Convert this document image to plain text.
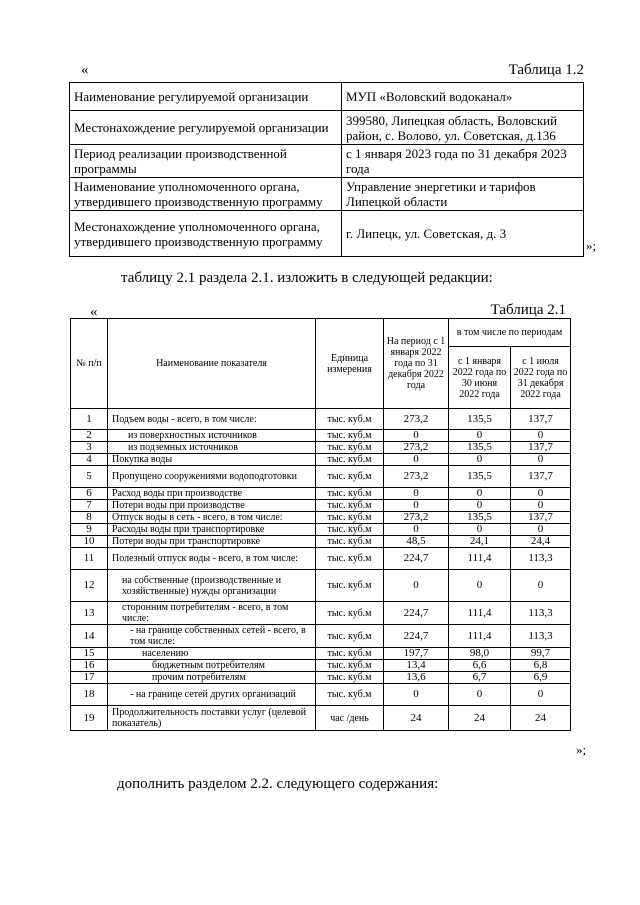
«	Таблица 1.2
Наименование регулируемой организации	МУП «Воловский водоканал»
Местонахождение регулируемой организации	399580, Липецкая область, Воловский район, с. Волово, ул. Советская, д.136
Период реализации производственной программы	с 1 января 2023 года по 31 декабря 2023 года
Наименование уполномоченного органа, утвердившего производственную программу	Управление энергетики и тарифов Липецкой области
Местонахождение уполномоченного органа, утвердившего производственную программу	г. Липецк, ул. Советская, д. 3
»;
таблицу 2.1 раздела 2.1. изложить в следующей редакции:
«	Таблица 2.1
№ п/п	Наименование показателя	Единица измерения	На период с 1 января 2022 года по 31 декабря 2022 года	в том числе по периодам	
				с 1 января 2022 года по 30 июня 2022 года	с 1 июля 2022 года по 31 декабря 2022 года
1	Подъем воды - всего, в том числе:	тыс. куб.м	273,2	135,5	137,7
2	из поверхностных источников	тыс. куб.м	0	0	0
3	из подземных источников	тыс. куб.м	273,2	135,5	137,7
4	Покупка воды	тыс. куб.м	0	0	0
5	Пропущено сооружениями водоподготовки	тыс. куб.м	273,2	135,5	137,7
6	Расход воды при производстве	тыс. куб.м	0	0	0
7	Потери воды при производстве	тыс. куб.м	0	0	0
8	Отпуск воды в сеть - всего, в том числе:	тыс. куб.м	273,2	135,5	137,7
9	Расходы воды при транспортировке	тыс. куб.м	0	0	0
10	Потери воды при транспортировке	тыс. куб.м	48,5	24,1	24,4
11	Полезный отпуск воды - всего, в том числе:	тыс. куб.м	224,7	111,4	113,3
12	на собственные (производственные и хозяйственные) нужды организации	тыс. куб.м	0	0	0
13	сторонним потребителям - всего, в том числе:	тыс. куб.м	224,7	111,4	113,3
14	- на границе собственных сетей - всего, в том числе:	тыс. куб.м	224,7	111,4	113,3
15	населению	тыс. куб.м	197,7	98,0	99,7
16	бюджетным потребителям	тыс. куб.м	13,4	6,6	6,8
17	прочим потребителям	тыс. куб.м	13,6	6,7	6,9
18	- на границе сетей других организаций	тыс. куб.м	0	0	0
19	Продолжительность поставки услуг (целевой показатель)	час /день	24	24	24
»;
дополнить разделом 2.2. следующего содержания:
